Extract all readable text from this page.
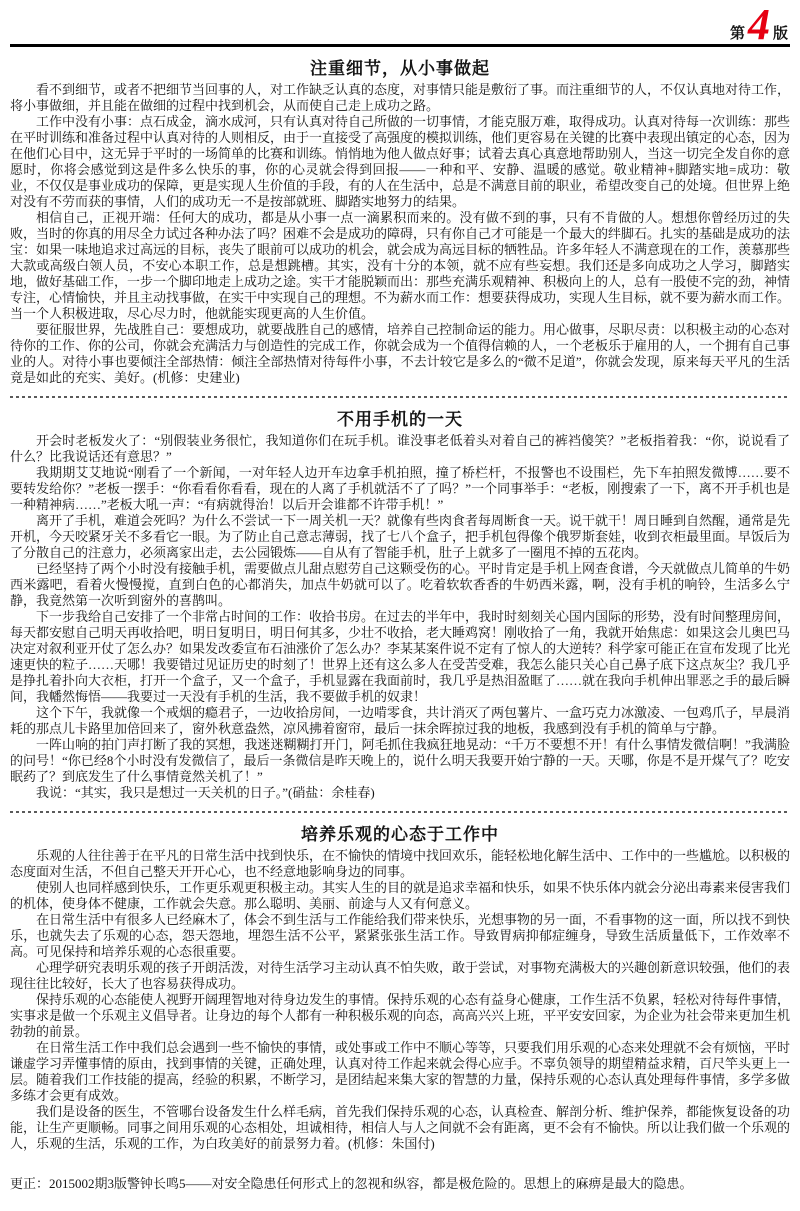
第4 版
注重细节，从小事做起

看不到细节，或者不把细节当回事的人，对工作缺乏认真的态度，对事情只能是敷衍了事。而注重细节的人，不仅认真地对待工作，将小事做细，并且能在做细的过程中找到机会，从而使自己走上成功之路。

工作中没有小事：点石成金，滴水成河，只有认真对待自己所做的一切事情，才能克服万难，取得成功。认真对待每一次训练：那些在平时训练和准备过程中认真对待的人则相反，由于一直接受了高强度的模拟训练，他们更容易在关键的比赛中表现出镇定的心态，因为在他们心目中，这无异于平时的一场简单的比赛和训练。悄悄地为他人做点好事；试着去真心真意地帮助别人，当这一切完全发自你的意愿时，你将会感觉到这是件多么快乐的事，你的心灵就会得到回报——一种和平、安静、温暖的感觉。敬业精神+脚踏实地=成功：敬业，不仅仅是事业成功的保障，更是实现人生价值的手段，有的人在生活中，总是不满意目前的职业，希望改变自己的处境。但世界上绝对没有不劳而获的事情，人们的成功无一不是按部就班、脚踏实地努力的结果。

相信自己，正视开端：任何大的成功，都是从小事一点一滴累积而来的。没有做不到的事，只有不肯做的人。想想你曾经历过的失败，当时的你真的用尽全力试过各种办法了吗？困难不会是成功的障碍，只有你自己才可能是一个最大的绊脚石。扎实的基础是成功的法宝：如果一味地追求过高远的目标，丧失了眼前可以成功的机会，就会成为高远目标的牺牲品。许多年轻人不满意现在的工作，羡慕那些大款或高级白领人员，不安心本职工作，总是想跳槽。其实，没有十分的本领，就不应有些妄想。我们还是多向成功之人学习，脚踏实地，做好基础工作，一步一个脚印地走上成功之途。实干才能脱颖而出：那些充满乐观精神、积极向上的人，总有一股使不完的劲，神情专注，心情愉快，并且主动找事做，在实干中实现自己的理想。不为薪水而工作：想要获得成功，实现人生目标，就不要为薪水而工作。当一个人积极进取，尽心尽力时，他就能实现更高的人生价值。

要征服世界，先战胜自己：要想成功，就要战胜自己的感情，培养自己控制命运的能力。用心做事，尽职尽责：以积极主动的心态对待你的工作、你的公司，你就会充满活力与创造性的完成工作，你就会成为一个值得信赖的人，一个老板乐于雇用的人，一个拥有自己事业的人。对待小事也要倾注全部热情：倾注全部热情对待每件小事，不去计较它是多么的“微不足道”，你就会发现，原来每天平凡的生活竟是如此的充实、美好。(机修：史建业)

不用手机的一天

开会时老板发火了：“别假装业务很忙，我知道你们在玩手机。谁没事老低着头对着自己的裤裆傻笑？”老板指着我：“你，说说看了什么？比我说话还有意思？”

我期期艾艾地说“刚看了一个新闻，一对年轻人边开车边拿手机拍照，撞了桥栏杆，不报警也不设围栏，先下车拍照发微博……要不要转发给你？”老板一摆手：“你看看你看看，现在的人离了手机就活不了了吗？”一个同事举手：“老板，刚搜索了一下，离不开手机也是一种精神病……”老板大吼一声：“有病就得治！以后开会谁都不许带手机！”

离开了手机，难道会死吗？为什么不尝试一下一周关机一天？就像有些肉食者每周断食一天。说干就干！周日睡到自然醒，通常是先开机，今天咬紧牙关不多看它一眼。为了防止自己意志薄弱，找了七八个盒子，把手机包得像个俄罗斯套娃，收到衣柜最里面。早饭后为了分散自己的注意力，必须离家出走，去公园锻炼——自从有了智能手机，肚子上就多了一圈甩不掉的五花肉。

已经坚持了两个小时没有接触手机，需要做点儿甜点慰劳自己这颗受伤的心。平时肯定是手机上网查食谱，今天就做点儿简单的牛奶西米露吧，看着火慢慢搅，直到白色的心都消失，加点牛奶就可以了。吃着软软香香的牛奶西米露，啊，没有手机的响铃，生活多么宁静，我竟然第一次听到窗外的喜鹊叫。

下一步我给自己安排了一个非常占时间的工作：收拾书房。在过去的半年中，我时时刻刻关心国内国际的形势，没有时间整理房间，每天都安慰自己明天再收拾吧，明日复明日，明日何其多，少壮不收拾，老大睡鸡窝！刚收拾了一角，我就开始焦虑：如果这会儿奥巴马决定对叙利亚开仗了怎么办？如果发改委宣布石油涨价了怎么办？李某某案件说不定有了惊人的大逆转？科学家可能正在宣布发现了比光速更快的粒子……天哪！我要错过见证历史的时刻了！世界上还有这么多人在受苦受难，我怎么能只关心自己鼻子底下这点灰尘？我几乎是挣扎着扑向大衣柜，打开一个盒子，又一个盒子，手机显露在我面前时，我几乎是热泪盈眶了……就在我向手机伸出罪恶之手的最后瞬间，我幡然悔悟——我要过一天没有手机的生活，我不要做手机的奴隶！

这个下午，我就像一个戒烟的瘾君子，一边收拾房间，一边啃零食，共计消灭了两包薯片、一盒巧克力冰激凌、一包鸡爪子，早晨消耗的那点儿卡路里加倍回来了，窗外秋意盎然，凉风拂着窗帘，最后一抹余晖掠过我的地板，我感到没有手机的简单与宁静。

一阵山响的拍门声打断了我的冥想，我迷迷糊糊打开门，阿毛抓住我疯狂地晃动：“千万不要想不开！有什么事情发微信啊！”我满脸的问号！“你已经8个小时没有发微信了，最后一条微信是昨天晚上的，说什么明天我要开始宁静的一天。天哪，你是不是开煤气了？吃安眠药了？到底发生了什么事情竟然关机了！”

我说：“其实，我只是想过一天关机的日子。”(硝盐：余桂春)

培养乐观的心态于工作中

乐观的人往往善于在平凡的日常生活中找到快乐，在不愉快的情境中找回欢乐，能轻松地化解生活中、工作中的一些尴尬。以积极的态度面对生活，不但自己整天开开心心，也不经意地影响身边的同事。

使别人也同样感到快乐，工作更乐观更积极主动。其实人生的目的就是追求幸福和快乐，如果不快乐体内就会分泌出毒素来侵害我们的机体，使身体不健康，工作就会失意。那么聪明、美丽、前途与人又有何意义。

在日常生活中有很多人已经麻木了，体会不到生活与工作能给我们带来快乐，光想事物的另一面，不看事物的这一面，所以找不到快乐，也就失去了乐观的心态，怨天怨地，埋怨生活不公平，紧紧张张生活工作。导致胃病抑郁症缠身，导致生活质量低下，工作效率不高。可见保持和培养乐观的心态很重要。

心理学研究表明乐观的孩子开朗活泼，对待生活学习主动认真不怕失败，敢于尝试，对事物充满极大的兴趣创新意识较强，他们的表现往往比较好，长大了也容易获得成功。

保持乐观的心态能使人视野开阔理智地对待身边发生的事情。保持乐观的心态有益身心健康，工作生活不负累，轻松对待每件事情，实事求是做一个乐观主义倡导者。让身边的每个人都有一种积极乐观的向态，高高兴兴上班，平平安安回家，为企业为社会带来更加生机勃勃的前景。

在日常生活工作中我们总会遇到一些不愉快的事情，或处事或工作中不顺心等等，只要我们用乐观的心态来处理就不会有烦恼，平时谦虚学习弄懂事情的原由，找到事情的关键，正确处理，认真对待工作起来就会得心应手。不辜负领导的期望精益求精，百尺竿头更上一层。随着我们工作技能的提高，经验的积累，不断学习，是团结起来集大家的智慧的力量，保持乐观的心态认真处理每件事情，多学多做多练才会更有成效。

我们是设备的医生，不管哪台设备发生什么样毛病，首先我们保持乐观的心态，认真检查、解剖分析、维护保养，都能恢复设备的功能，让生产更顺畅。同事之间用乐观的心态相处，坦诚相待，相信人与人之间就不会有距离，更不会有不愉快。所以让我们做一个乐观的人，乐观的生活，乐观的工作，为白玫美好的前景努力着。(机修：朱国付)

更正：2015002期3版警钟长鸣5——对安全隐患任何形式上的忽视和纵容，都是极危险的。思想上的麻痹是最大的隐患。
